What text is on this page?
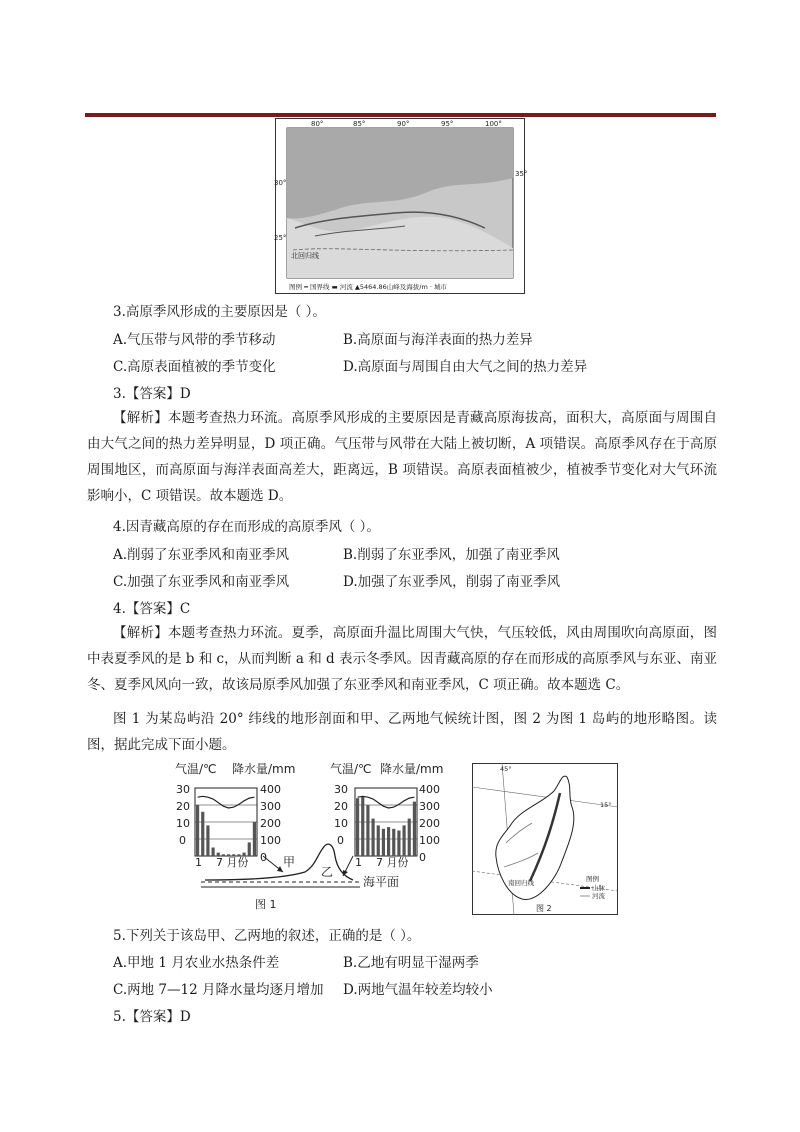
80°	85°	90°	95°	100°
30°
25°
35°
北回归线
图例 ━ 国界线 ▬ 河流 ▲5464.86山峰及海拔/m · 城市
3.高原季风形成的主要原因是（ ）。
A.气压带与风带的季节移动	B.高原面与海洋表面的热力差异
C.高原表面植被的季节变化	D.高原面与周围自由大气之间的热力差异
3.【答案】D
【解析】本题考查热力环流。高原季风形成的主要原因是青藏高原海拔高，面积大，高原面与周围自由大气之间的热力差异明显，D 项正确。气压带与风带在大陆上被切断，A 项错误。高原季风存在于高原周围地区，而高原面与海洋表面高差大，距离远，B 项错误。高原表面植被少，植被季节变化对大气环流影响小，C 项错误。故本题选 D。
4.因青藏高原的存在而形成的高原季风（ ）。
A.削弱了东亚季风和南亚季风	B.削弱了东亚季风，加强了南亚季风
C.加强了东亚季风和南亚季风	D.加强了东亚季风，削弱了南亚季风
4.【答案】C
【解析】本题考查热力环流。夏季，高原面升温比周围大气快，气压较低，风由周围吹向高原面，图中表夏季风的是 b 和 c，从而判断 a 和 d 表示冬季风。因青藏高原的存在而形成的高原季风与东亚、南亚冬、夏季风风向一致，故该局原季风加强了东亚季风和南亚季风，C 项正确。故本题选 C。
图 1 为某岛屿沿 20° 纬线的地形剖面和甲、乙两地气候统计图，图 2 为图 1 岛屿的地形略图。读图，据此完成下面小题。
气温/℃ 降水量/mm	气温/℃ 降水量/mm
30
20
10
0
400
300
200
100
0
30
20
10
0
400
300
200
100
0
1    7 月份	1    7 月份
甲
乙
海平面
图 1
45°
15°
南回归线	图例
山脉
河流
图 2
5.下列关于该岛甲、乙两地的叙述，正确的是（ ）。
A.甲地 1 月农业水热条件差	B.乙地有明显干湿两季
C.两地 7—12 月降水量均逐月增加 D.两地气温年较差均较小
5.【答案】D
